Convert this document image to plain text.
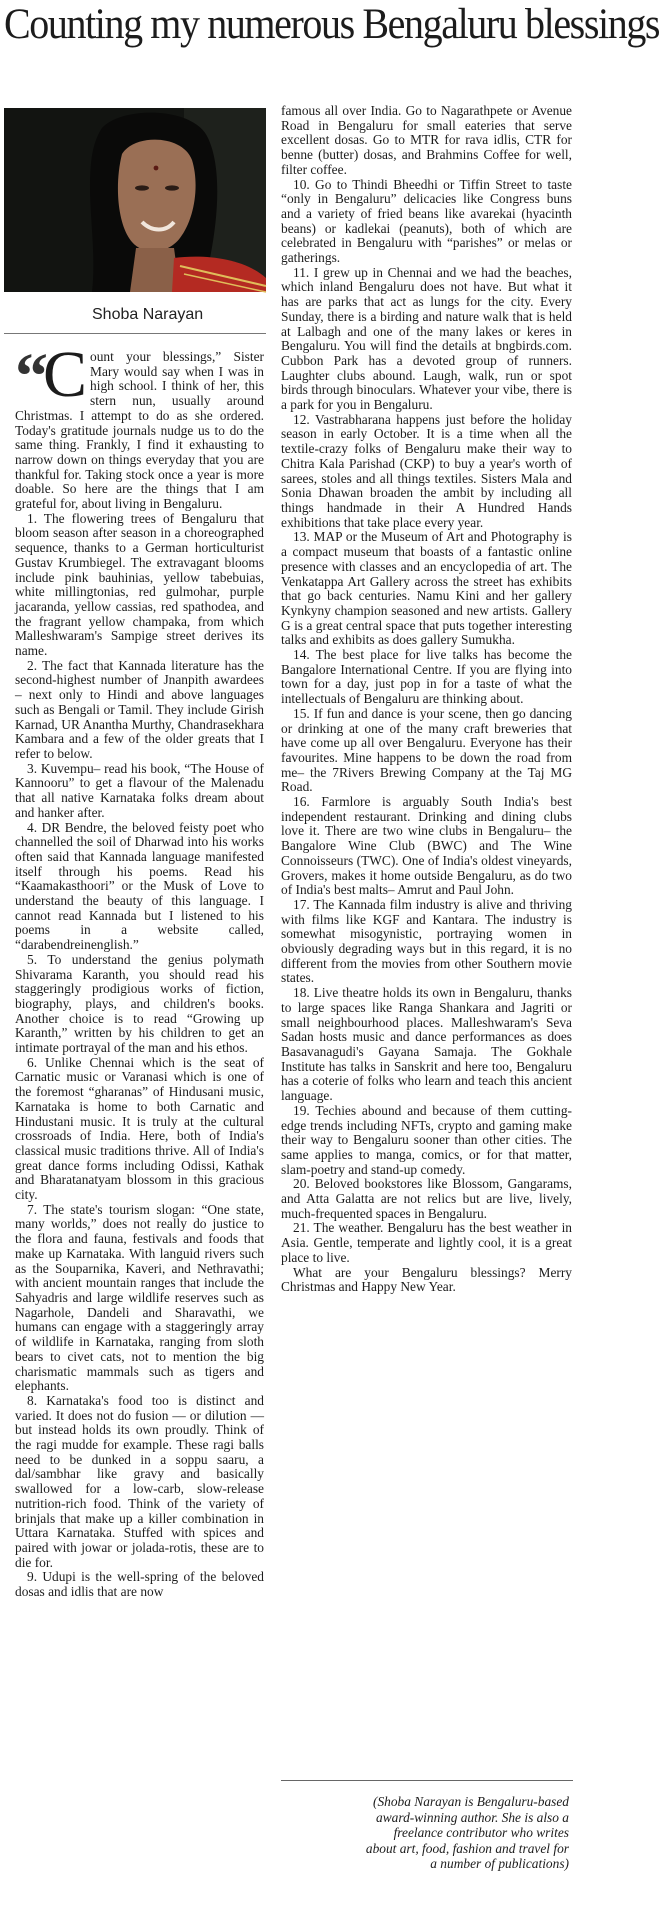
Counting my numerous Bengaluru blessings
Shoba Narayan

“ C ount your blessings,” Sister Mary would say when I was in high school. I think of her, this stern nun, usually around Christmas. I attempt to do as she ordered. Today's gratitude journals nudge us to do the same thing. Frankly, I find it exhausting to narrow down on things everyday that you are thankful for. Taking stock once a year is more doable. So here are the things that I am grateful for, about living in Bengaluru.

1. The flowering trees of Bengaluru that bloom season after season in a choreographed sequence, thanks to a German horticulturist Gustav Krumbiegel. The extravagant blooms include pink bauhinias, yellow tabebuias, white millingtonias, red gulmohar, purple jacaranda, yellow cassias, red spathodea, and the fragrant yellow champaka, from which Malleshwaram's Sampige street derives its name.

2. The fact that Kannada literature has the second-highest number of Jnanpith awardees – next only to Hindi and above languages such as Bengali or Tamil. They include Girish Karnad, UR Anantha Murthy, Chandrasekhara Kambara and a few of the older greats that I refer to below.

3. Kuvempu– read his book, “The House of Kannooru” to get a flavour of the Malenadu that all native Karnataka folks dream about and hanker after.

4. DR Bendre, the beloved feisty poet who channelled the soil of Dharwad into his works often said that Kannada language manifested itself through his poems. Read his “Kaamakasthoori” or the Musk of Love to understand the beauty of this language. I cannot read Kannada but I listened to his poems in a website called, “darabendreinenglish.”

5. To understand the genius polymath Shivarama Karanth, you should read his staggeringly prodigious works of fiction, biography, plays, and children's books. Another choice is to read “Growing up Karanth,” written by his children to get an intimate portrayal of the man and his ethos.

6. Unlike Chennai which is the seat of Carnatic music or Varanasi which is one of the foremost “gharanas” of Hindusani music, Karnataka is home to both Carnatic and Hindustani music. It is truly at the cultural crossroads of India. Here, both of India's classical music traditions thrive. All of India's great dance forms including Odissi, Kathak and Bharatanatyam blossom in this gracious city.

7. The state's tourism slogan: “One state, many worlds,” does not really do justice to the flora and fauna, festivals and foods that make up Karnataka. With languid rivers such as the Souparnika, Kaveri, and Nethravathi; with ancient mountain ranges that include the Sahyadris and large wildlife reserves such as Nagarhole, Dandeli and Sharavathi, we humans can engage with a staggeringly array of wildlife in Karnataka, ranging from sloth bears to civet cats, not to mention the big charismatic mammals such as tigers and elephants.

8. Karnataka's food too is distinct and varied. It does not do fusion — or dilution — but instead holds its own proudly. Think of the ragi mudde for example. These ragi balls need to be dunked in a soppu saaru, a dal/sambhar like gravy and basically swallowed for a low-carb, slow-release nutrition-rich food. Think of the variety of brinjals that make up a killer combination in Uttara Karnataka. Stuffed with spices and paired with jowar or jolada-rotis, these are to die for.

9. Udupi is the well-spring of the beloved dosas and idlis that are now

famous all over India. Go to Nagarathpete or Avenue Road in Bengaluru for small eateries that serve excellent dosas. Go to MTR for rava idlis, CTR for benne (butter) dosas, and Brahmins Coffee for well, filter coffee.

10. Go to Thindi Bheedhi or Tiffin Street to taste “only in Bengaluru” delicacies like Congress buns and a variety of fried beans like avarekai (hyacinth beans) or kadlekai (peanuts), both of which are celebrated in Bengaluru with “parishes” or melas or gatherings.

11. I grew up in Chennai and we had the beaches, which inland Bengaluru does not have. But what it has are parks that act as lungs for the city. Every Sunday, there is a birding and nature walk that is held at Lalbagh and one of the many lakes or keres in Bengaluru. You will find the details at bngbirds.com. Cubbon Park has a devoted group of runners. Laughter clubs abound. Laugh, walk, run or spot birds through binoculars. Whatever your vibe, there is a park for you in Bengaluru.

12. Vastrabharana happens just before the holiday season in early October. It is a time when all the textile-crazy folks of Bengaluru make their way to Chitra Kala Parishad (CKP) to buy a year's worth of sarees, stoles and all things textiles. Sisters Mala and Sonia Dhawan broaden the ambit by including all things handmade in their A Hundred Hands exhibitions that take place every year.

13. MAP or the Museum of Art and Photography is a compact museum that boasts of a fantastic online presence with classes and an encyclopedia of art. The Venkatappa Art Gallery across the street has exhibits that go back centuries. Namu Kini and her gallery Kynkyny champion seasoned and new artists. Gallery G is a great central space that puts together interesting talks and exhibits as does gallery Sumukha.

14. The best place for live talks has become the Bangalore International Centre. If you are flying into town for a day, just pop in for a taste of what the intellectuals of Bengaluru are thinking about.

15. If fun and dance is your scene, then go dancing or drinking at one of the many craft breweries that have come up all over Bengaluru. Everyone has their favourites. Mine happens to be down the road from me– the 7Rivers Brewing Company at the Taj MG Road.

16. Farmlore is arguably South India's best independent restaurant. Drinking and dining clubs love it. There are two wine clubs in Bengaluru– the Bangalore Wine Club (BWC) and The Wine Connoisseurs (TWC). One of India's oldest vineyards, Grovers, makes it home outside Bengaluru, as do two of India's best malts– Amrut and Paul John.

17. The Kannada film industry is alive and thriving with films like KGF and Kantara. The industry is somewhat misogynistic, portraying women in obviously degrading ways but in this regard, it is no different from the movies from other Southern movie states.

18. Live theatre holds its own in Bengaluru, thanks to large spaces like Ranga Shankara and Jagriti or small neighbourhood places. Malleshwaram's Seva Sadan hosts music and dance performances as does Basavanagudi's Gayana Samaja. The Gokhale Institute has talks in Sanskrit and here too, Bengaluru has a coterie of folks who learn and teach this ancient language.

19. Techies abound and because of them cutting-edge trends including NFTs, crypto and gaming make their way to Bengaluru sooner than other cities. The same applies to manga, comics, or for that matter, slam-poetry and stand-up comedy.

20. Beloved bookstores like Blossom, Gangarams, and Atta Galatta are not relics but are live, lively, much-frequented spaces in Bengaluru.

21. The weather. Bengaluru has the best weather in Asia. Gentle, temperate and lightly cool, it is a great place to live.

What are your Bengaluru blessings? Merry Christmas and Happy New Year.

(Shoba Narayan is Bengaluru-based award-winning author. She is also a freelance contributor who writes about art, food, fashion and travel for a number of publications)
